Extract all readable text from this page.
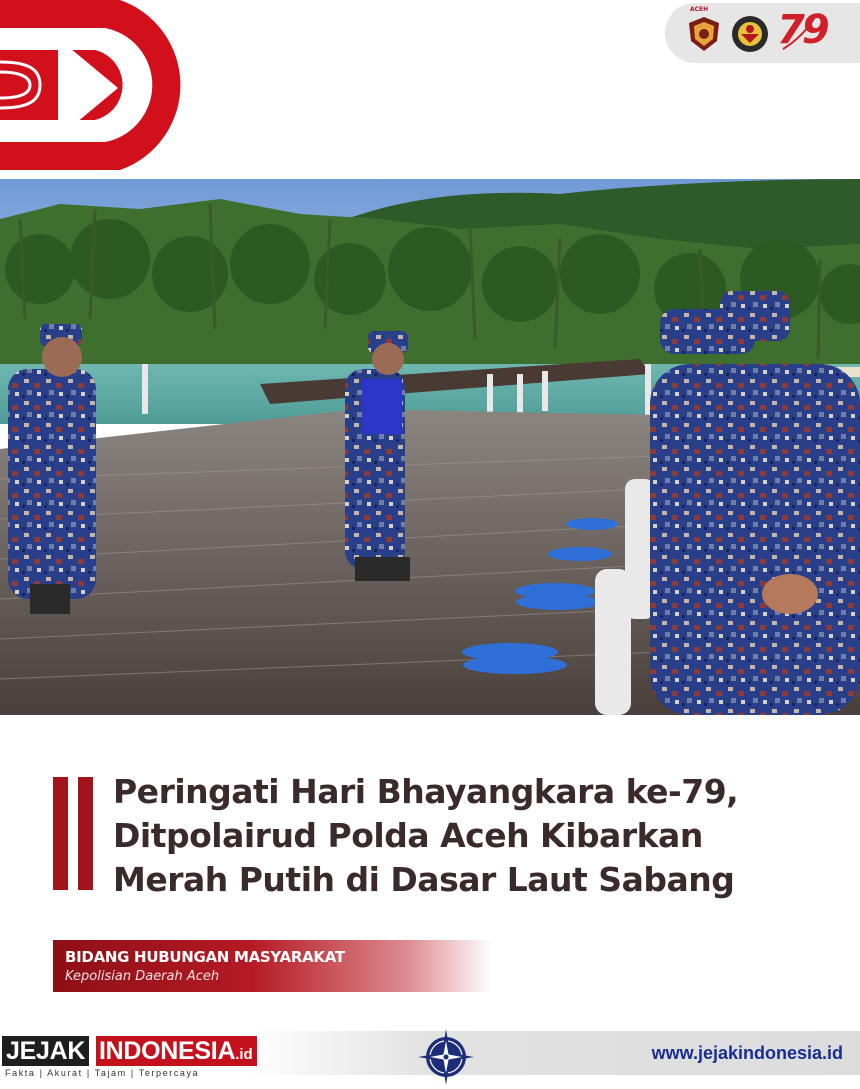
ACEH 79
Peringati Hari Bhayangkara ke-79,
Ditpolairud Polda Aceh Kibarkan
Merah Putih di Dasar Laut Sabang
BIDANG HUBUNGAN MASYARAKAT
Kepolisian Daerah Aceh
JEJAK INDONESIA.id
Fakta | Akurat | Tajam | Terpercaya
www.jejakindonesia.id
